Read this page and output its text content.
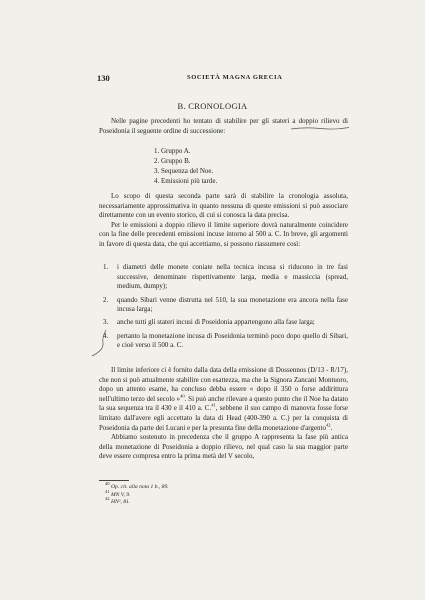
130	SOCIETÀ MAGNA GRECIA
B. CRONOLOGIA

Nelle pagine precedenti ho tentato di stabilire per gli stateri a doppio rilievo di Poseidonia il seguente ordine di successione:

1. Gruppo A.
2. Gruppo B.
3. Sequenza del Noe.
4. Emissioni più tarde.

Lo scopo di questa seconda parte sarà di stabilire la cronologia assoluta, necessariamente approssimativa in quanto nessuna di queste emissioni si può associare direttamente con un evento storico, di cui si conosca la data precisa.

Per le emissioni a doppio rilievo il limite superiore dovrà naturalmente coincidere con la fine delle precedenti emissioni incuse intorno al 500 a. C. In breve, gli argomenti in favore di questa data, che qui accettiamo, si possono riassumere così:

1. i diametri delle monete coniate nella tecnica incusa si riducono in tre fasi successive, denominate rispettivamente larga, media e massiccia (spread, medium, dumpy);
2. quando Sibari venne distrutta nel 510, la sua monetazione era ancora nella fase incusa larga;
3. anche tutti gli stateri incusi di Poseidonia appartengono alla fase larga;
4. pertanto la monetazione incusa di Poseidonia terminò poco dopo quello di Sibari, e cioè verso il 500 a. C.

Il limite inferiore ci è fornito dalla data della emissione di Dossennos (D/13 - R/17), che non si può attualmente stabilire con esattezza, ma che la Signora Zancani Montuoro, dopo un attento esame, ha concluso debba essere « dopo il 350 o forse addirittura nell'ultimo terzo del secolo »$^{40}$. Si può anche rilevare a questo punto che il Noe ha datato la sua sequenza tra il 430 e il 410 a. C.$^{41}$, sebbene il suo campo di manovra fosse forse limitato dall'avere egli accettato la data di Head (400-390 a. C.) per la conquista di Poseidonia da parte dei Lucani e per la presunta fine della monetazione d'argento$^{42}$.

Abbiamo sostenuto in precedenza che il gruppo A rappresenta la fase più antica della monetazione di Poseidonia a doppio rilievo, nel qual caso la sua maggior parte deve essere compresa entro la prima metà del V secolo,

$^{40}$ Op. cit. alla nota 1 b., 89.
$^{41}$ MN V, 9.
$^{42}$ HN², 81.
